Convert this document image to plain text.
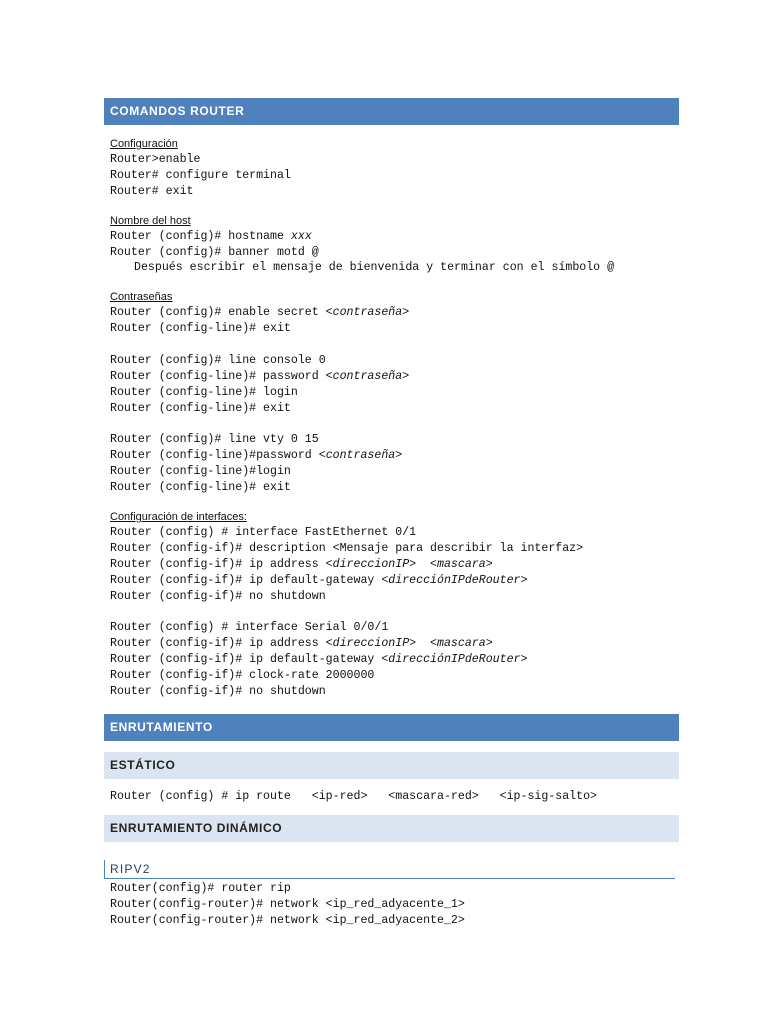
COMANDOS ROUTER
Configuración
Router>enable
Router# configure terminal
Router# exit
Nombre del host
Router (config)# hostname xxx
Router (config)# banner motd @
Después escribir el mensaje de bienvenida y terminar con el símbolo @
Contraseñas
Router (config)# enable secret <contraseña>
Router (config-line)# exit
Router (config)# line console 0
Router (config-line)# password <contraseña>
Router (config-line)# login
Router (config-line)# exit
Router (config)# line vty 0 15
Router (config-line)#password <contraseña>
Router (config-line)#login
Router (config-line)# exit
Configuración de interfaces:
Router (config) # interface FastEthernet 0/1
Router (config-if)# description <Mensaje para describir la interfaz>
Router (config-if)# ip address <direccionIP>  <mascara>
Router (config-if)# ip default-gateway <direcciónIPdeRouter>
Router (config-if)# no shutdown
Router (config) # interface Serial 0/0/1
Router (config-if)# ip address <direccionIP>  <mascara>
Router (config-if)# ip default-gateway <direcciónIPdeRouter>
Router (config-if)# clock-rate 2000000
Router (config-if)# no shutdown
ENRUTAMIENTO
ESTÁTICO
Router (config) # ip route   <ip-red>   <mascara-red>   <ip-sig-salto>
ENRUTAMIENTO DINÁMICO
RIPV2
Router(config)# router rip
Router(config-router)# network <ip_red_adyacente_1>
Router(config-router)# network <ip_red_adyacente_2>
